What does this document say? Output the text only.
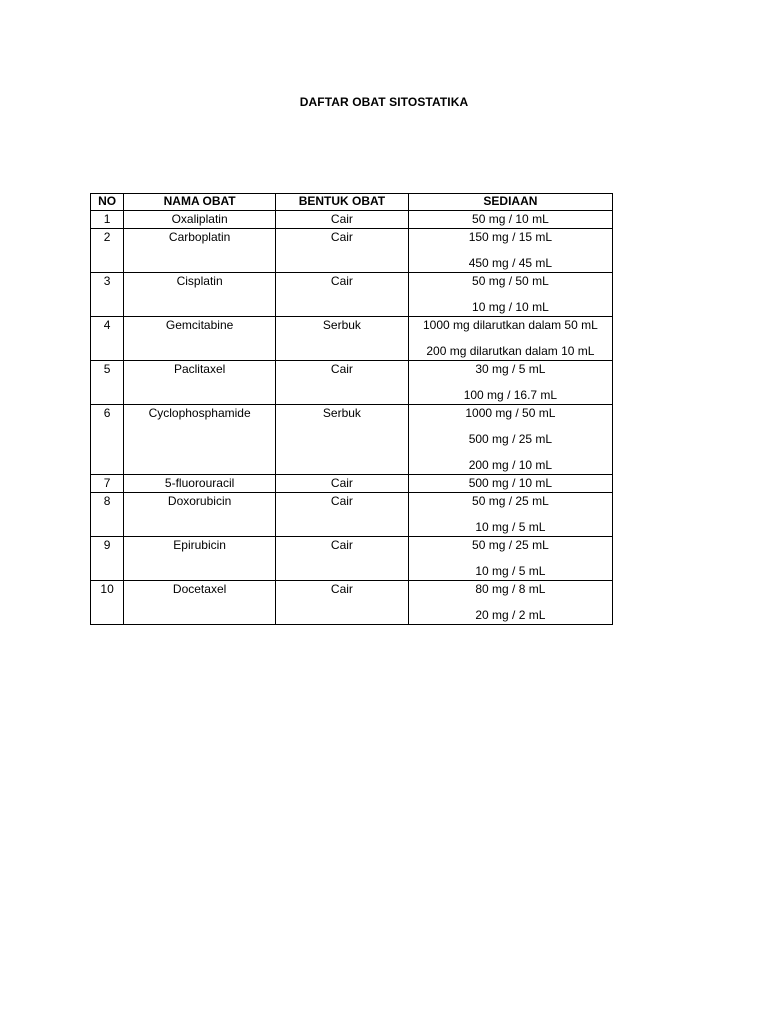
DAFTAR OBAT SITOSTATIKA
NO	NAMA OBAT	BENTUK OBAT	SEDIAAN
1	Oxaliplatin	Cair	50 mg / 10 mL

2	Carboplatin	Cair	150 mg / 15 mL
450 mg / 45 mL

3	Cisplatin	Cair	50 mg / 50 mL
10 mg / 10 mL

4	Gemcitabine	Serbuk	1000 mg dilarutkan dalam 50 mL
200 mg dilarutkan dalam 10 mL

5	Paclitaxel	Cair	30 mg / 5 mL
100 mg / 16.7 mL

6	Cyclophosphamide	Serbuk	1000 mg / 50 mL
500 mg / 25 mL
200 mg / 10 mL

7	5-fluorouracil	Cair	500 mg / 10 mL

8	Doxorubicin	Cair	50 mg / 25 mL
10 mg / 5 mL

9	Epirubicin	Cair	50 mg / 25 mL
10 mg / 5 mL

10	Docetaxel	Cair	80 mg / 8 mL
20 mg / 2 mL
